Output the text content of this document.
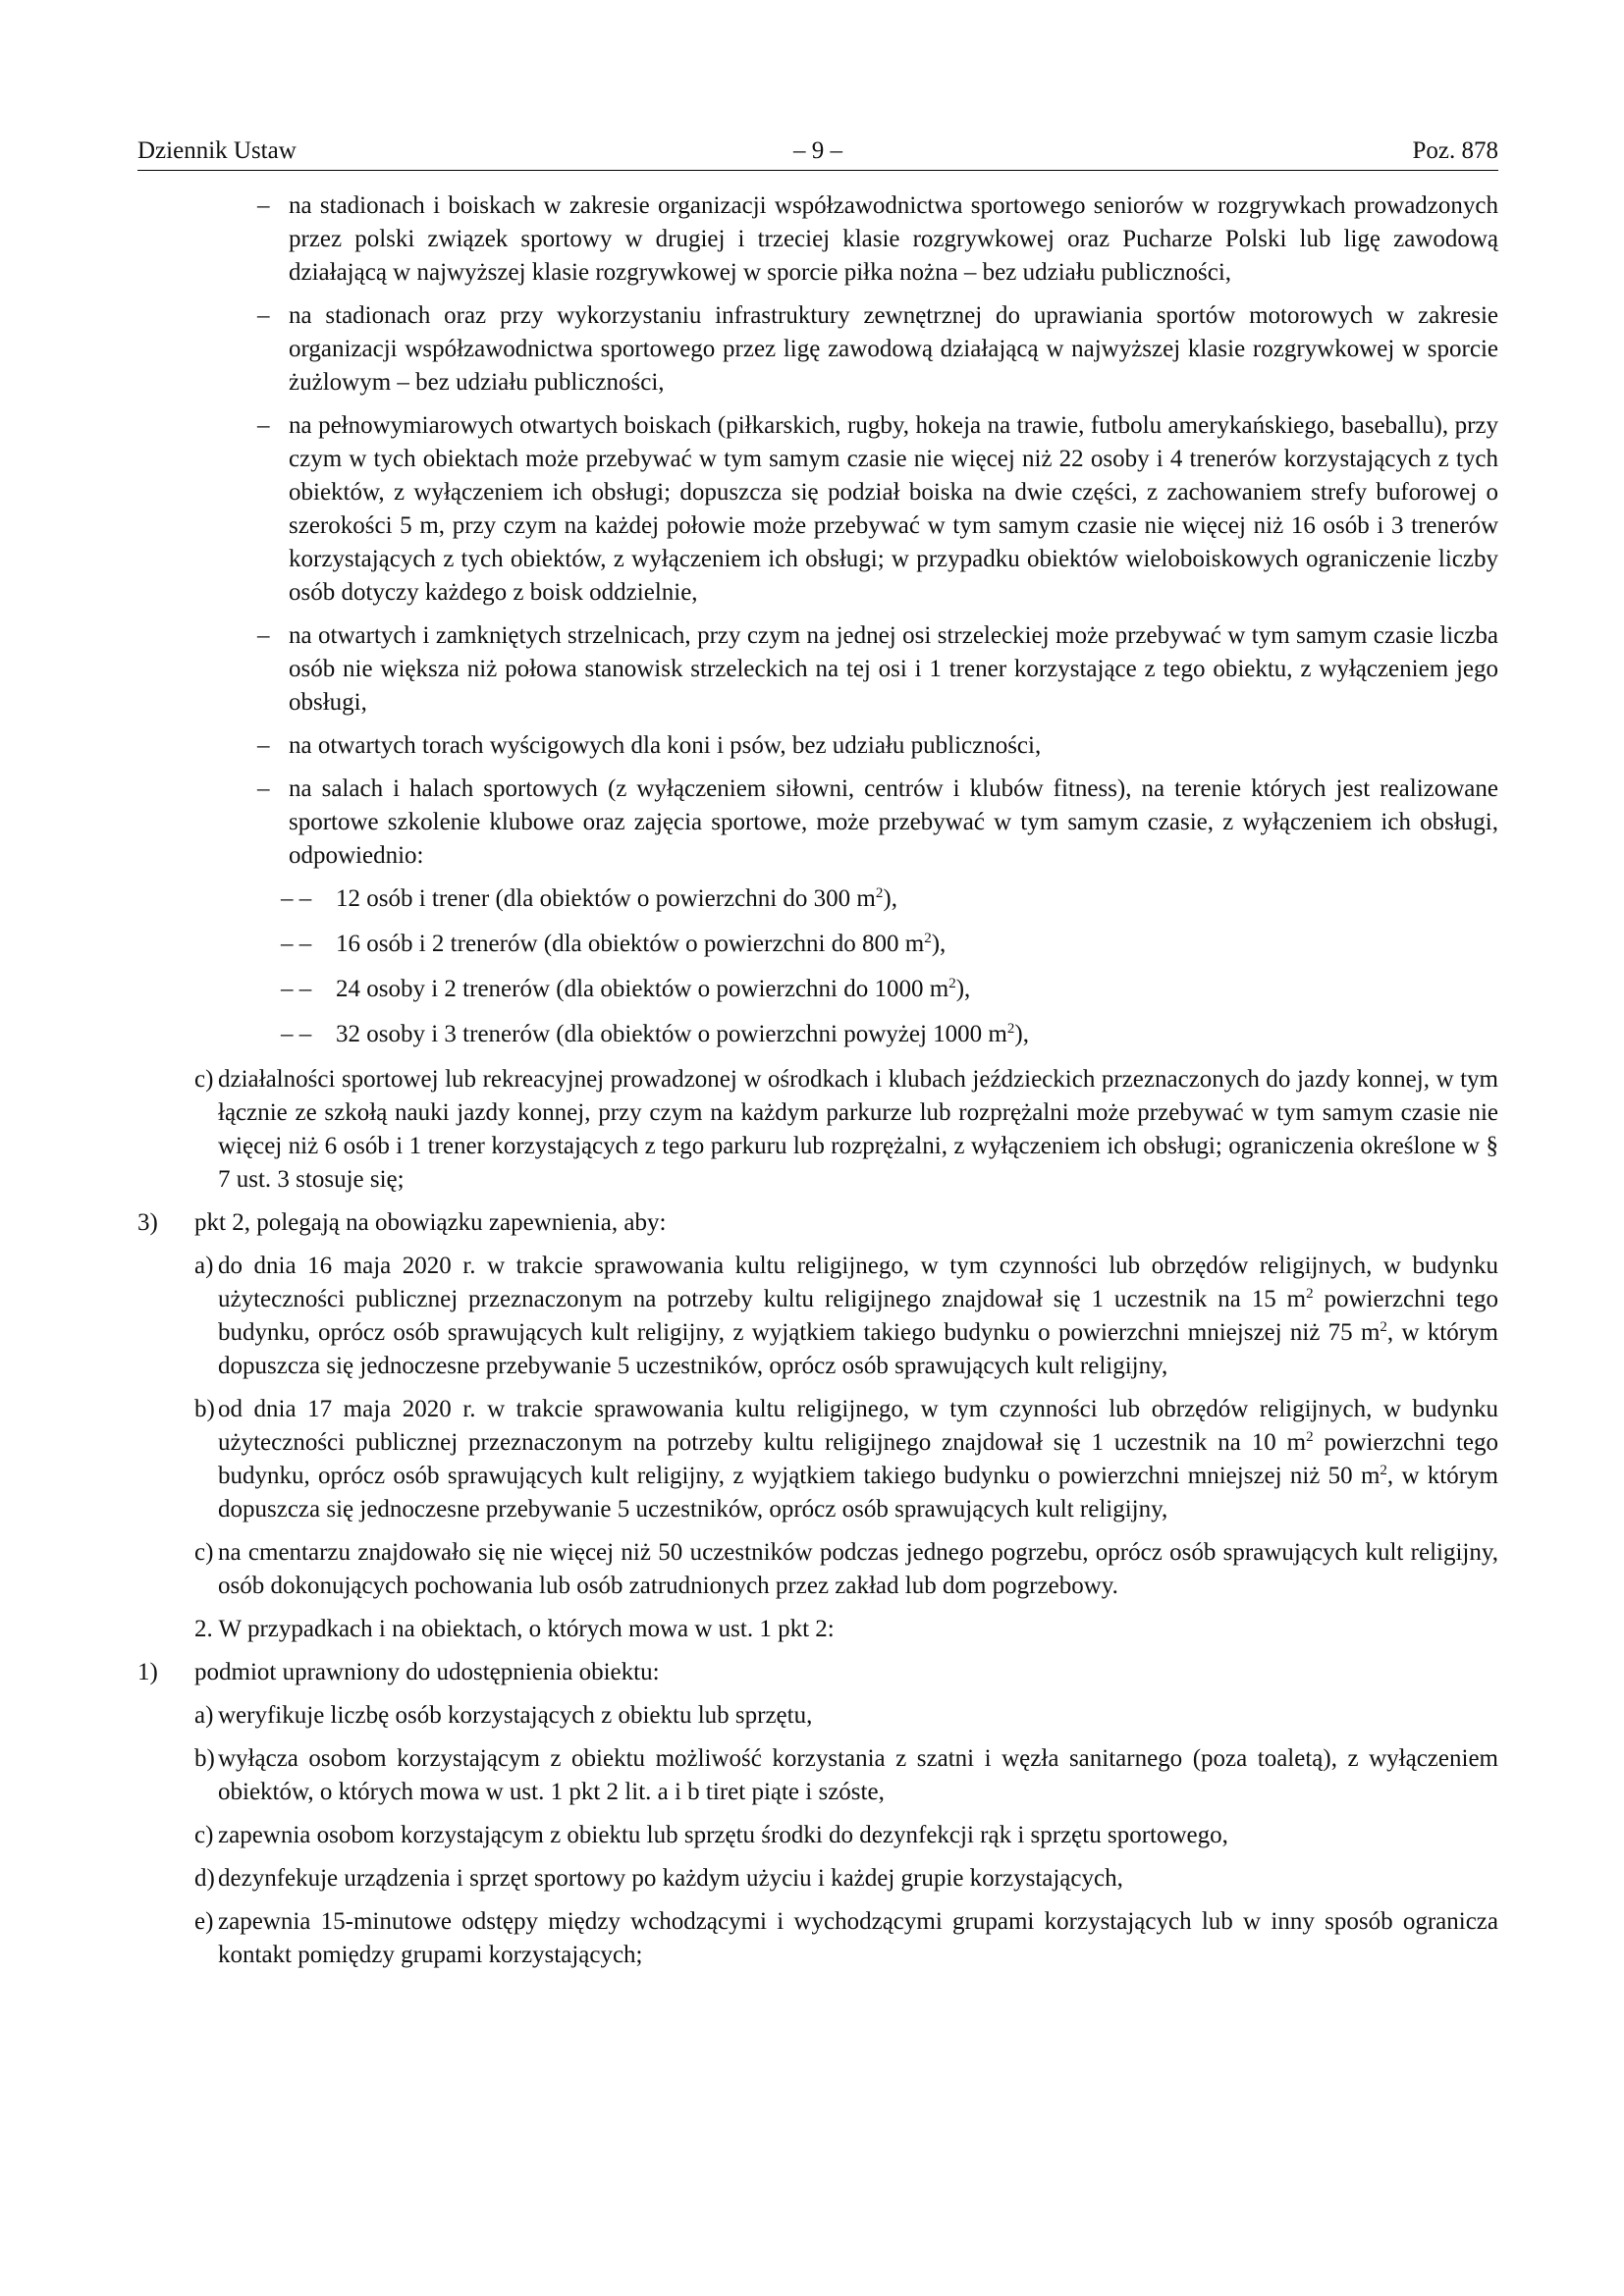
Dziennik Ustaw	– 9 –	Poz. 878
– na stadionach i boiskach w zakresie organizacji współzawodnictwa sportowego seniorów w rozgrywkach prowadzonych przez polski związek sportowy w drugiej i trzeciej klasie rozgrywkowej oraz Pucharze Polski lub ligę zawodową działającą w najwyższej klasie rozgrywkowej w sporcie piłka nożna – bez udziału publiczności,
– na stadionach oraz przy wykorzystaniu infrastruktury zewnętrznej do uprawiania sportów motorowych w zakresie organizacji współzawodnictwa sportowego przez ligę zawodową działającą w najwyższej klasie rozgrywkowej w sporcie żużlowym – bez udziału publiczności,
– na pełnowymiarowych otwartych boiskach (piłkarskich, rugby, hokeja na trawie, futbolu amerykańskiego, baseballu), przy czym w tych obiektach może przebywać w tym samym czasie nie więcej niż 22 osoby i 4 trenerów korzystających z tych obiektów, z wyłączeniem ich obsługi; dopuszcza się podział boiska na dwie części, z zachowaniem strefy buforowej o szerokości 5 m, przy czym na każdej połowie może przebywać w tym samym czasie nie więcej niż 16 osób i 3 trenerów korzystających z tych obiektów, z wyłączeniem ich obsługi; w przypadku obiektów wieloboiskowych ograniczenie liczby osób dotyczy każdego z boisk oddzielnie,
– na otwartych i zamkniętych strzelnicach, przy czym na jednej osi strzeleckiej może przebywać w tym samym czasie liczba osób nie większa niż połowa stanowisk strzeleckich na tej osi i 1 trener korzystające z tego obiektu, z wyłączeniem jego obsługi,
– na otwartych torach wyścigowych dla koni i psów, bez udziału publiczności,
– na salach i halach sportowych (z wyłączeniem siłowni, centrów i klubów fitness), na terenie których jest realizowane sportowe szkolenie klubowe oraz zajęcia sportowe, może przebywać w tym samym czasie, z wyłączeniem ich obsługi, odpowiednio:
– – 12 osób i trener (dla obiektów o powierzchni do 300 $m^2$),
– – 16 osób i 2 trenerów (dla obiektów o powierzchni do 800 $m^2$),
– – 24 osoby i 2 trenerów (dla obiektów o powierzchni do 1000 $m^2$),
– – 32 osoby i 3 trenerów (dla obiektów o powierzchni powyżej 1000 $m^2$),
c) działalności sportowej lub rekreacyjnej prowadzonej w ośrodkach i klubach jeździeckich przeznaczonych do jazdy konnej, w tym łącznie ze szkołą nauki jazdy konnej, przy czym na każdym parkurze lub rozprężalni może przebywać w tym samym czasie nie więcej niż 6 osób i 1 trener korzystających z tego parkuru lub rozprężalni, z wyłączeniem ich obsługi; ograniczenia określone w § 7 ust. 3 stosuje się;
3) pkt 2, polegają na obowiązku zapewnienia, aby:
a) do dnia 16 maja 2020 r. w trakcie sprawowania kultu religijnego, w tym czynności lub obrzędów religijnych, w budynku użyteczności publicznej przeznaczonym na potrzeby kultu religijnego znajdował się 1 uczestnik na 15 $m^2$ powierzchni tego budynku, oprócz osób sprawujących kult religijny, z wyjątkiem takiego budynku o powierzchni mniejszej niż 75 $m^2$, w którym dopuszcza się jednoczesne przebywanie 5 uczestników, oprócz osób sprawujących kult religijny,
b) od dnia 17 maja 2020 r. w trakcie sprawowania kultu religijnego, w tym czynności lub obrzędów religijnych, w budynku użyteczności publicznej przeznaczonym na potrzeby kultu religijnego znajdował się 1 uczestnik na 10 $m^2$ powierzchni tego budynku, oprócz osób sprawujących kult religijny, z wyjątkiem takiego budynku o powierzchni mniejszej niż 50 $m^2$, w którym dopuszcza się jednoczesne przebywanie 5 uczestników, oprócz osób sprawujących kult religijny,
c) na cmentarzu znajdowało się nie więcej niż 50 uczestników podczas jednego pogrzebu, oprócz osób sprawujących kult religijny, osób dokonujących pochowania lub osób zatrudnionych przez zakład lub dom pogrzebowy.
2. W przypadkach i na obiektach, o których mowa w ust. 1 pkt 2:
1) podmiot uprawniony do udostępnienia obiektu:
a) weryfikuje liczbę osób korzystających z obiektu lub sprzętu,
b) wyłącza osobom korzystającym z obiektu możliwość korzystania z szatni i węzła sanitarnego (poza toaletą), z wyłączeniem obiektów, o których mowa w ust. 1 pkt 2 lit. a i b tiret piąte i szóste,
c) zapewnia osobom korzystającym z obiektu lub sprzętu środki do dezynfekcji rąk i sprzętu sportowego,
d) dezynfekuje urządzenia i sprzęt sportowy po każdym użyciu i każdej grupie korzystających,
e) zapewnia 15-minutowe odstępy między wchodzącymi i wychodzącymi grupami korzystających lub w inny sposób ogranicza kontakt pomiędzy grupami korzystających;
